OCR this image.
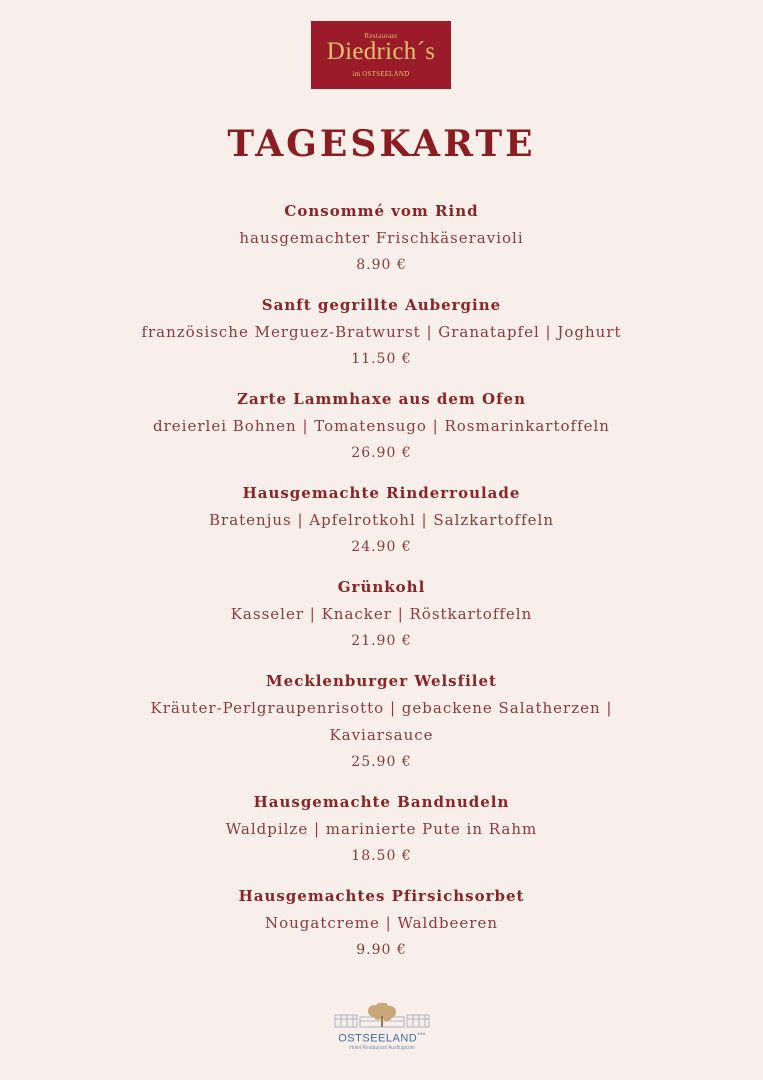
Restaurant
Diedrich´s
im OSTSEELAND
TAGESKARTE
Consommé vom Rind
hausgemachter Frischkäseravioli
8.90 €
Sanft gegrillte Aubergine
französische Merguez-Bratwurst | Granatapfel | Joghurt
11.50 €
Zarte Lammhaxe aus dem Ofen
dreierlei Bohnen | Tomatensugo | Rosmarinkartoffeln
26.90 €
Hausgemachte Rinderroulade
Bratenjus | Apfelrotkohl | Salzkartoffeln
24.90 €
Grünkohl
Kasseler | Knacker | Röstkartoffeln
21.90 €
Mecklenburger Welsfilet
Kräuter-Perlgraupenrisotto | gebackene Salatherzen |
Kaviarsauce
25.90 €
Hausgemachte Bandnudeln
Waldpilze | marinierte Pute in Rahm
18.50 €
Hausgemachtes Pfirsichsorbet
Nougatcreme | Waldbeeren
9.90 €
OSTSEELAND***
Hotel Restaurant Ausflugsziel
